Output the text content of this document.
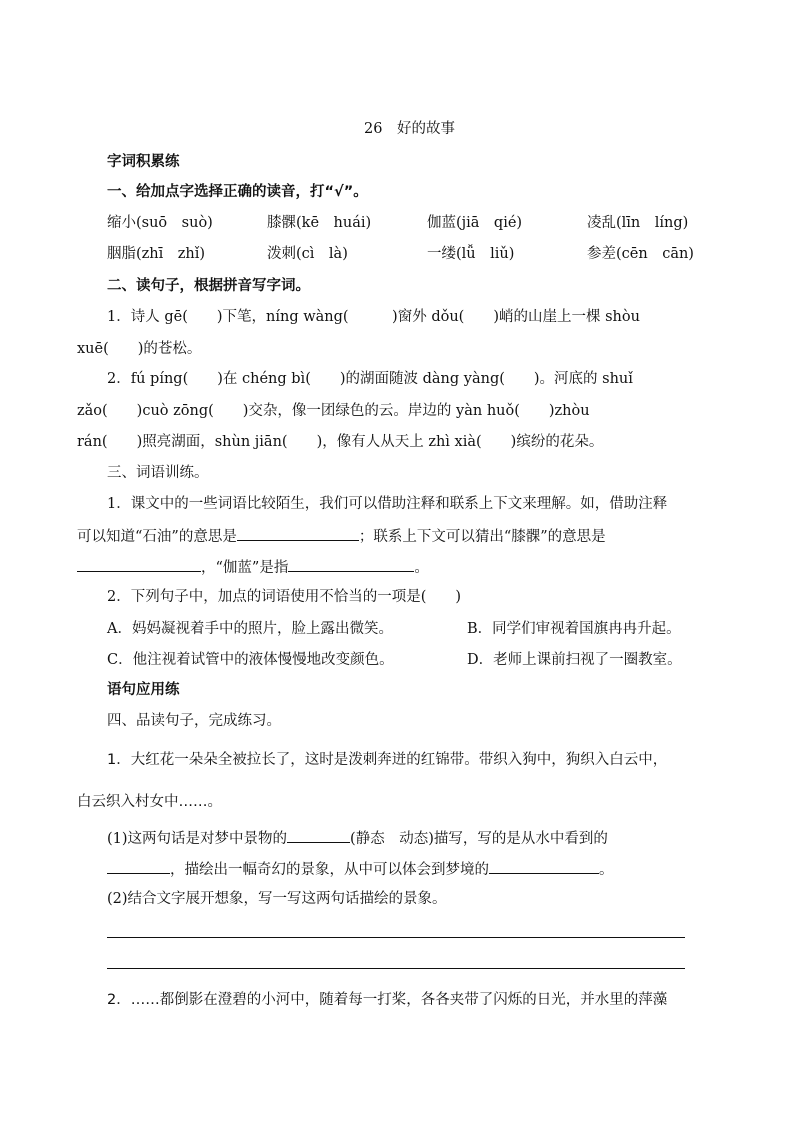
26　好的故事
字词积累练
一、给加点字选择正确的读音，打“√”。
缩小(suō　suò)	膝髁(kē　huái)	伽蓝(jiā　qié)	凌乱(līn　líng)
胭脂(zhī　zhǐ)	泼刺(cì　là)	一缕(lǚ　liǔ)	参差(cēn　cān)
二、读句子，根据拼音写字词。
1．诗人 gē(　　)下笔，níng wàng(　　　)窗外 dǒu(　　)峭的山崖上一棵 shòu
xuē(　　)的苍松。
2．fú píng(　　)在 chéng bì(　　)的湖面随波 dàng yàng(　　)。河底的 shuǐ
zǎo(　　)cuò zōng(　　)交杂，像一团绿色的云。岸边的 yàn huǒ(　　)zhòu
rán(　　)照亮湖面，shùn jiān(　　)，像有人从天上 zhì xià(　　)缤纷的花朵。
三、词语训练。
1．课文中的一些词语比较陌生，我们可以借助注释和联系上下文来理解。如，借助注释
可以知道“石油”的意思是	；联系上下文可以猜出“膝髁”的意思是
，“伽蓝”是指	。
2．下列句子中，加点的词语使用不恰当的一项是(　　)
A．妈妈凝视着手中的照片，脸上露出微笑。	B．同学们审视着国旗冉冉升起。
C．他注视着试管中的液体慢慢地改变颜色。	D．老师上课前扫视了一圈教室。
语句应用练
四、品读句子，完成练习。
1．大红花一朵朵全被拉长了，这时是泼刺奔迸的红锦带。带织入狗中，狗织入白云中，
白云织入村女中……。
(1)这两句话是对梦中景物的	(静态　动态)描写，写的是从水中看到的
，描绘出一幅奇幻的景象，从中可以体会到梦境的	。
(2)结合文字展开想象，写一写这两句话描绘的景象。
2．……都倒影在澄碧的小河中，随着每一打桨，各各夹带了闪烁的日光，并水里的萍藻
